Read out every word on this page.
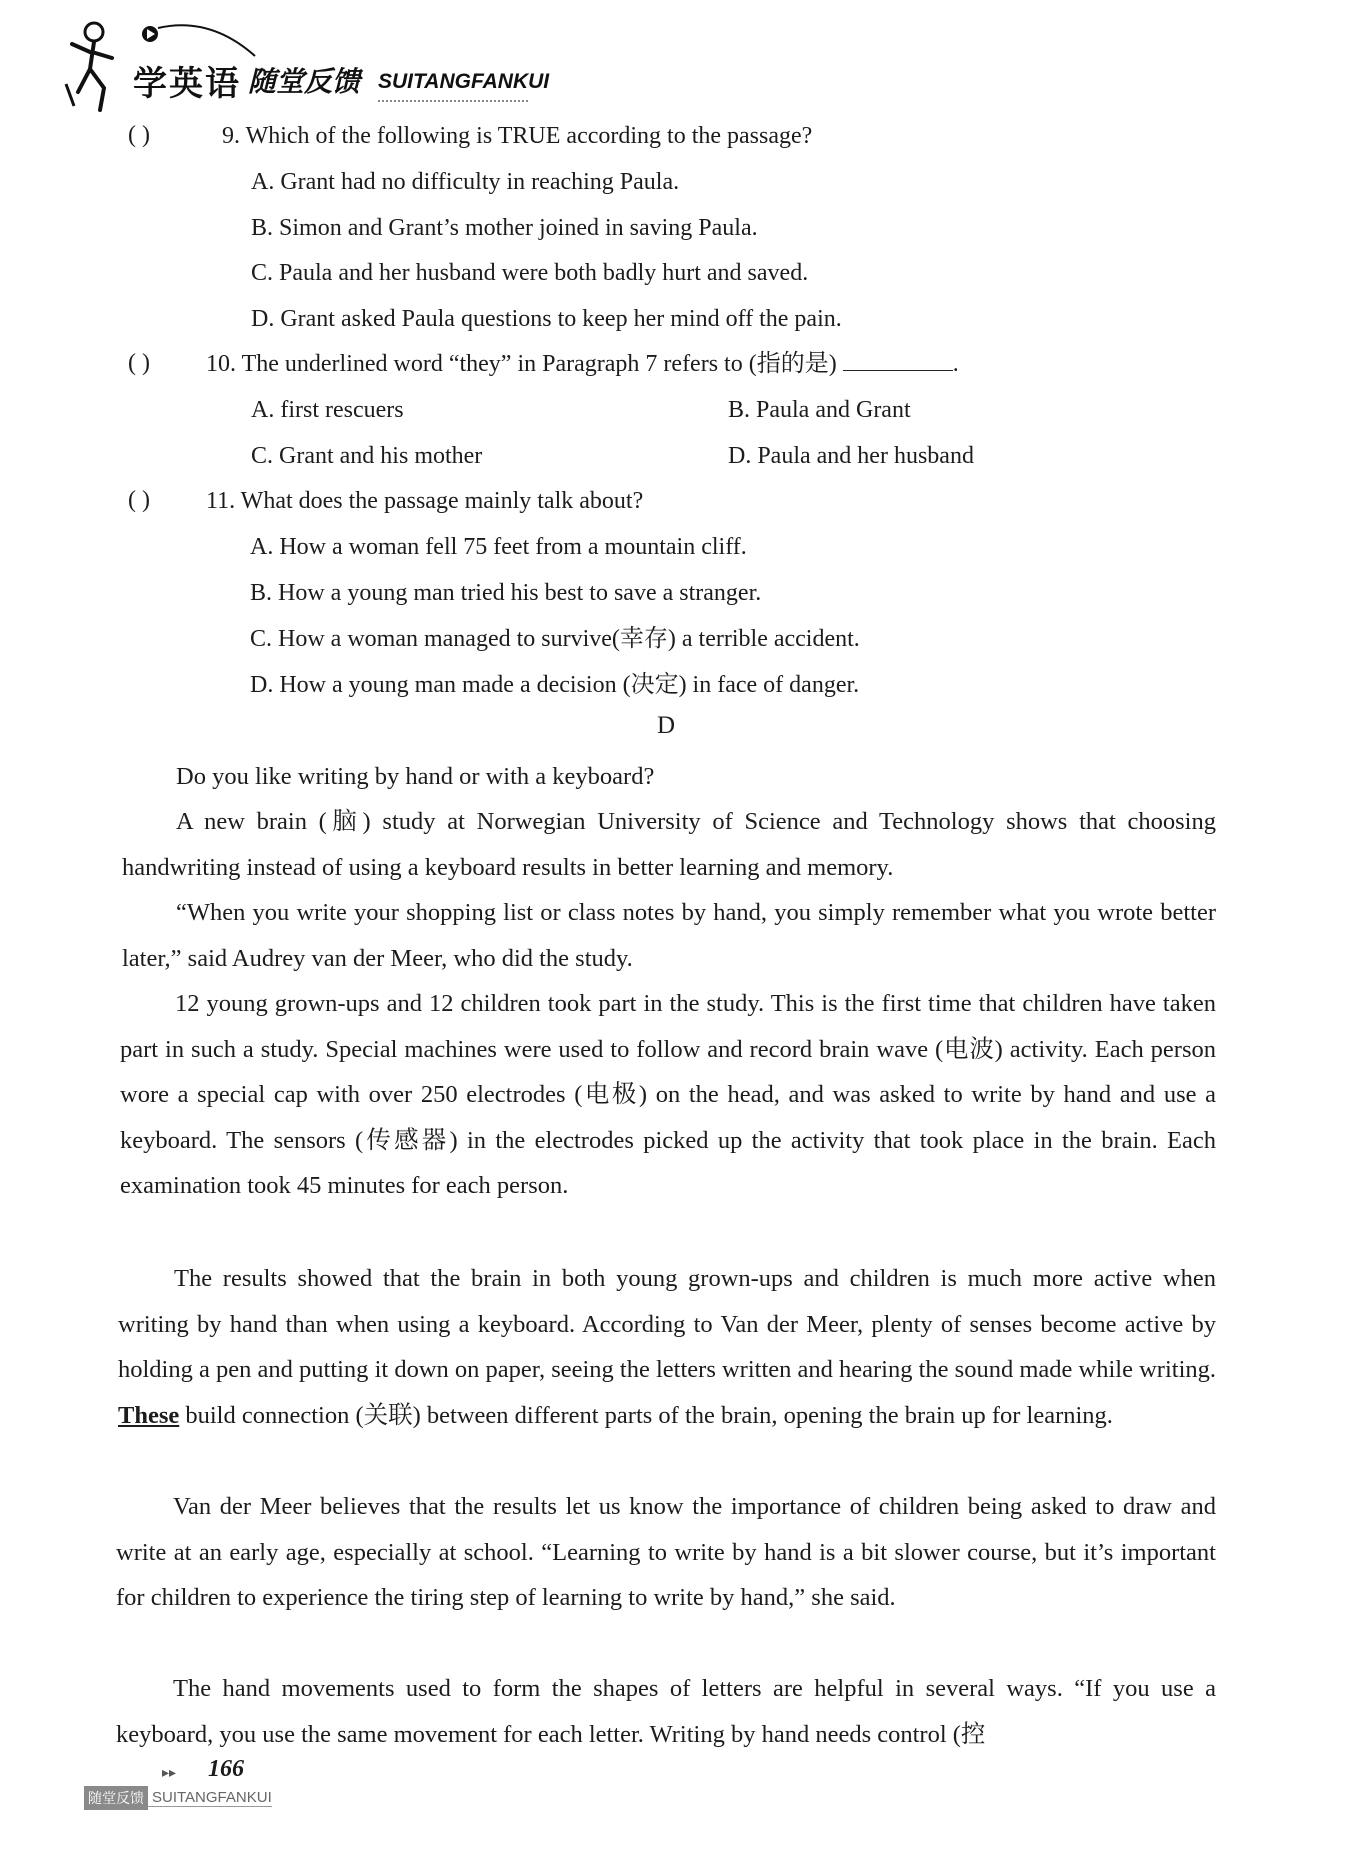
学英语 随堂反馈 SUITANGFANKUI
( )	9. Which of the following is TRUE according to the passage?
A. Grant had no difficulty in reaching Paula.
B. Simon and Grant’s mother joined in saving Paula.
C. Paula and her husband were both badly hurt and saved.
D. Grant asked Paula questions to keep her mind off the pain.
( ) 10. The underlined word “they” in Paragraph 7 refers to (指的是)	.
A. first rescuers	B. Paula and Grant
C. Grant and his mother	D. Paula and her husband
( ) 11. What does the passage mainly talk about?
A. How a woman fell 75 feet from a mountain cliff.
B. How a young man tried his best to save a stranger.
C. How a woman managed to survive(幸存) a terrible accident.
D. How a young man made a decision (决定) in face of danger.
D
Do you like writing by hand or with a keyboard?
A new brain (脑) study at Norwegian University of Science and Technology shows that choosing handwriting instead of using a keyboard results in better learning and memory.
“When you write your shopping list or class notes by hand, you simply remember what you wrote better later,” said Audrey van der Meer, who did the study.
12 young grown-ups and 12 children took part in the study. This is the first time that children have taken part in such a study. Special machines were used to follow and record brain wave (电波) activity. Each person wore a special cap with over 250 electrodes (电极) on the head, and was asked to write by hand and use a keyboard. The sensors (传感器) in the electrodes picked up the activity that took place in the brain. Each examination took 45 minutes for each person.
The results showed that the brain in both young grown-ups and children is much more active when writing by hand than when using a keyboard. According to Van der Meer, plenty of senses become active by holding a pen and putting it down on paper, seeing the letters written and hearing the sound made while writing. These build connection (关联) between different parts of the brain, opening the brain up for learning.
Van der Meer believes that the results let us know the importance of children being asked to draw and write at an early age, especially at school. “Learning to write by hand is a bit slower course, but it’s important for children to experience the tiring step of learning to write by hand,” she said.
The hand movements used to form the shapes of letters are helpful in several ways. “If you use a keyboard, you use the same movement for each letter. Writing by hand needs control (控
▸▸ 166
随堂反馈 SUITANGFANKUI
